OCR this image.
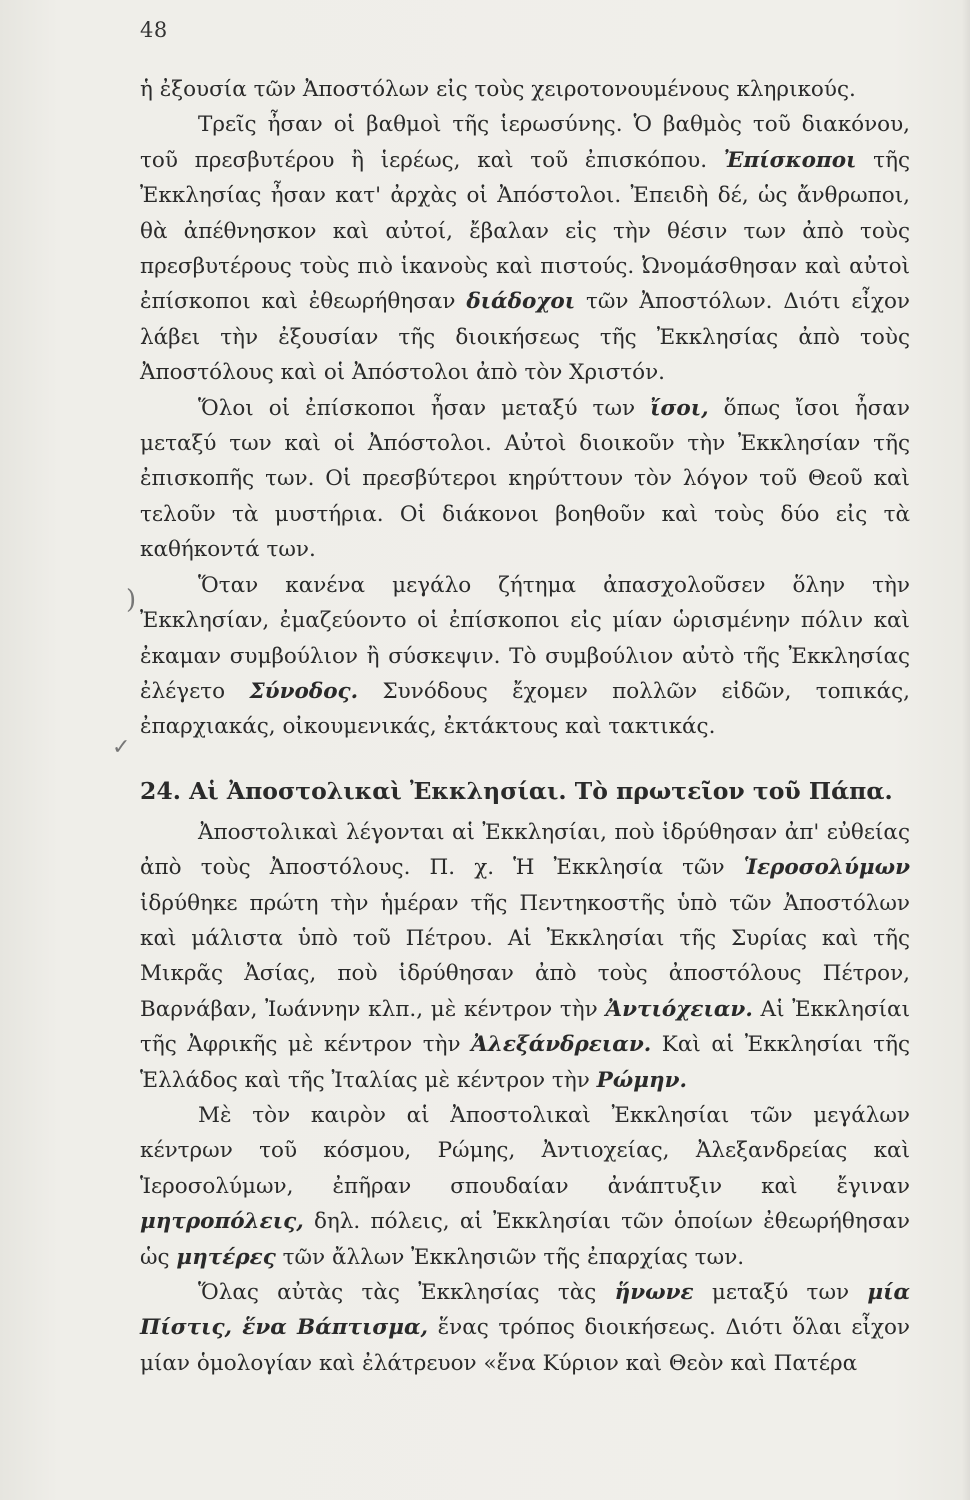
48

ἡ ἐξουσία τῶν Ἀποστόλων εἰς τοὺς χειροτονουμένους κληρικούς.

Τρεῖς ἦσαν οἱ βαθμοὶ τῆς ἱερωσύνης. Ὁ βαθμὸς τοῦ διακόνου, τοῦ πρεσβυτέρου ἢ ἱερέως, καὶ τοῦ ἐπισκόπου. Ἐπίσκοποι τῆς Ἐκκλησίας ἦσαν κατ' ἀρχὰς οἱ Ἀπόστολοι. Ἐπειδὴ δέ, ὡς ἄνθρωποι, θὰ ἀπέθνησκον καὶ αὐτοί, ἔβαλαν εἰς τὴν θέσιν των ἀπὸ τοὺς πρεσβυτέρους τοὺς πιὸ ἱκανοὺς καὶ πιστούς. Ὠνομάσθησαν καὶ αὐτοὶ ἐπίσκοποι καὶ ἐθεωρήθησαν διάδοχοι τῶν Ἀποστόλων. Διότι εἶχον λάβει τὴν ἐξουσίαν τῆς διοικήσεως τῆς Ἐκκλησίας ἀπὸ τοὺς Ἀποστόλους καὶ οἱ Ἀπόστολοι ἀπὸ τὸν Χριστόν.

Ὅλοι οἱ ἐπίσκοποι ἦσαν μεταξύ των ἴσοι, ὅπως ἴσοι ἦσαν μεταξύ των καὶ οἱ Ἀπόστολοι. Αὐτοὶ διοικοῦν τὴν Ἐκκλησίαν τῆς ἐπισκοπῆς των. Οἱ πρεσβύτεροι κηρύττουν τὸν λόγον τοῦ Θεοῦ καὶ τελοῦν τὰ μυστήρια. Οἱ διάκονοι βοηθοῦν καὶ τοὺς δύο εἰς τὰ καθήκοντά των.

Ὅταν κανένα μεγάλο ζήτημα ἀπασχολοῦσεν ὅλην τὴν Ἐκκλησίαν, ἐμαζεύοντο οἱ ἐπίσκοποι εἰς μίαν ὡρισμένην πόλιν καὶ ἐκαμαν συμβούλιον ἢ σύσκεψιν. Τὸ συμβούλιον αὐτὸ τῆς Ἐκκλησίας ἐλέγετο Σύνοδος. Συνόδους ἔχομεν πολλῶν εἰδῶν, τοπικάς, ἐπαρχιακάς, οἰκουμενικάς, ἐκτάκτους καὶ τακτικάς.

24. Αἱ Ἀποστολικαὶ Ἐκκλησίαι. Τὸ πρωτεῖον τοῦ Πάπα.

Ἀποστολικαὶ λέγονται αἱ Ἐκκλησίαι, ποὺ ἱδρύθησαν ἀπ' εὐθείας ἀπὸ τοὺς Ἀποστόλους. Π. χ. Ἡ Ἐκκλησία τῶν Ἱεροσολύμων ἱδρύθηκε πρώτη τὴν ἡμέραν τῆς Πεντηκοστῆς ὑπὸ τῶν Ἀποστόλων καὶ μάλιστα ὑπὸ τοῦ Πέτρου. Αἱ Ἐκκλησίαι τῆς Συρίας καὶ τῆς Μικρᾶς Ἀσίας, ποὺ ἱδρύθησαν ἀπὸ τοὺς ἀποστόλους Πέτρον, Βαρνάβαν, Ἰωάννην κλπ., μὲ κέντρον τὴν Ἀντιόχειαν. Αἱ Ἐκκλησίαι τῆς Ἀφρικῆς μὲ κέντρον τὴν Ἀλεξάνδρειαν. Καὶ αἱ Ἐκκλησίαι τῆς Ἑλλάδος καὶ τῆς Ἰταλίας μὲ κέντρον τὴν Ρώμην.

Μὲ τὸν καιρὸν αἱ Ἀποστολικαὶ Ἐκκλησίαι τῶν μεγάλων κέντρων τοῦ κόσμου, Ρώμης, Ἀντιοχείας, Ἀλεξανδρείας καὶ Ἱεροσολύμων, ἐπῆραν σπουδαίαν ἀνάπτυξιν καὶ ἔγιναν μητροπόλεις, δηλ. πόλεις, αἱ Ἐκκλησίαι τῶν ὁποίων ἐθεωρήθησαν ὡς μητέρες τῶν ἄλλων Ἐκκλησιῶν τῆς ἐπαρχίας των.

Ὅλας αὐτὰς τὰς Ἐκκλησίας τὰς ἥνωνε μεταξύ των μία Πίστις, ἕνα Βάπτισμα, ἕνας τρόπος διοικήσεως. Διότι ὅλαι εἶχον μίαν ὁμολογίαν καὶ ἐλάτρευον «ἕνα Κύριον καὶ Θεὸν καὶ Πατέρα

✓
)
